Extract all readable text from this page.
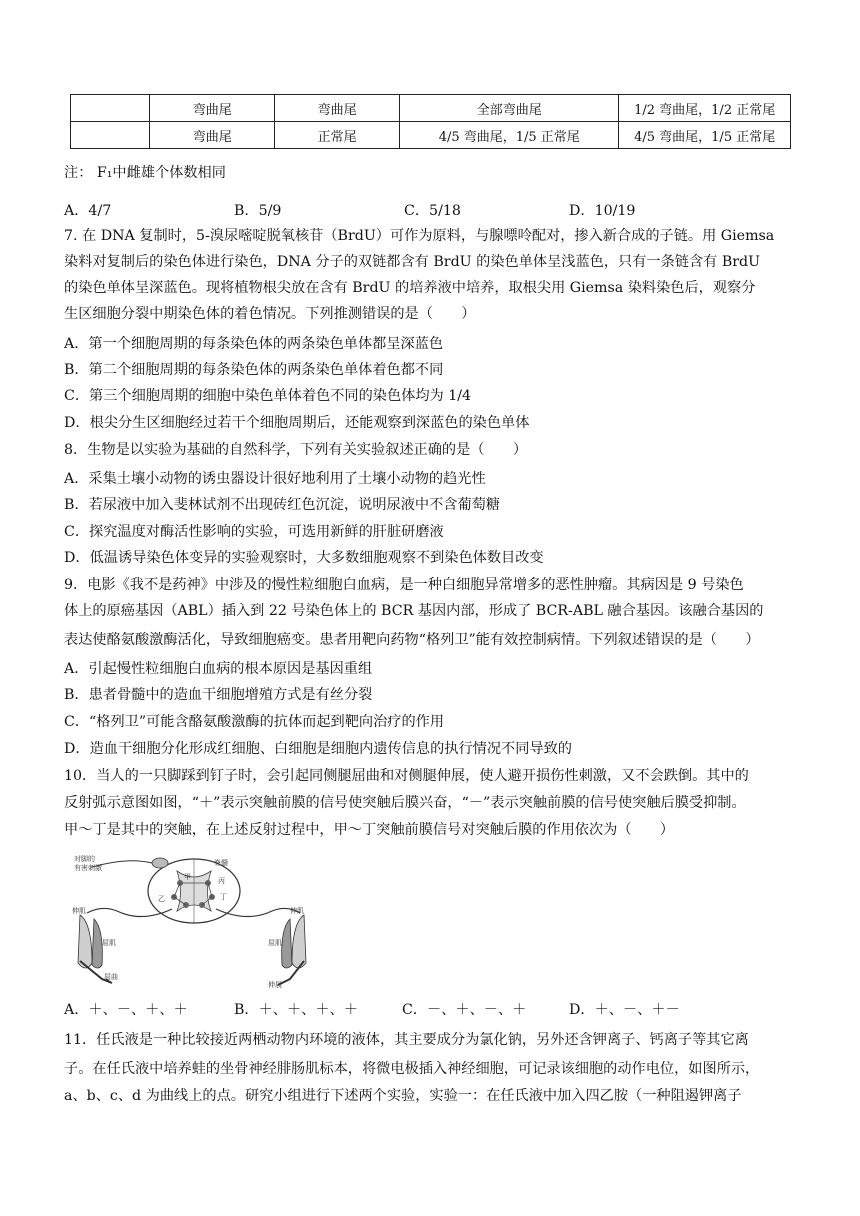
	弯曲尾	弯曲尾	全部弯曲尾	1/2 弯曲尾，1/2 正常尾
	弯曲尾	正常尾	4/5 弯曲尾，1/5 正常尾	4/5 弯曲尾，1/5 正常尾
注： F₁中雌雄个体数相同
A．4/7	B．5/9	C．5/18	D．10/19
7. 在 DNA 复制时，5-溴尿嘧啶脱氧核苷（BrdU）可作为原料，与腺嘌呤配对，掺入新合成的子链。用 Giemsa
染料对复制后的染色体进行染色，DNA 分子的双链都含有 BrdU 的染色单体呈浅蓝色，只有一条链含有 BrdU
的染色单体呈深蓝色。现将植物根尖放在含有 BrdU 的培养液中培养，取根尖用 Giemsa 染料染色后，观察分
生区细胞分裂中期染色体的着色情况。下列推测错误的是（　　）
A．第一个细胞周期的每条染色体的两条染色单体都呈深蓝色
B．第二个细胞周期的每条染色体的两条染色单体着色都不同
C．第三个细胞周期的细胞中染色单体着色不同的染色体均为 1/4
D．根尖分生区细胞经过若干个细胞周期后，还能观察到深蓝色的染色单体
8．生物是以实验为基础的自然科学，下列有关实验叙述正确的是（　　）
A．采集土壤小动物的诱虫器设计很好地利用了土壤小动物的趋光性
B．若尿液中加入斐林试剂不出现砖红色沉淀，说明尿液中不含葡萄糖
C．探究温度对酶活性影响的实验，可选用新鲜的肝脏研磨液
D．低温诱导染色体变异的实验观察时，大多数细胞观察不到染色体数目改变
9．电影《我不是药神》中涉及的慢性粒细胞白血病，是一种白细胞异常增多的恶性肿瘤。其病因是 9 号染色
体上的原癌基因（ABL）插入到 22 号染色体上的 BCR 基因内部，形成了 BCR-ABL 融合基因。该融合基因的
表达使酪氨酸激酶活化，导致细胞癌变。患者用靶向药物“格列卫”能有效控制病情。下列叙述错误的是（　　）
A．引起慢性粒细胞白血病的根本原因是基因重组
B．患者骨髓中的造血干细胞增殖方式是有丝分裂
C．“格列卫”可能含酪氨酸激酶的抗体而起到靶向治疗的作用
D．造血干细胞分化形成红细胞、白细胞是细胞内遗传信息的执行情况不同导致的
10．当人的一只脚踩到钉子时，会引起同侧腿屈曲和对侧腿伸展，使人避开损伤性刺激，又不会跌倒。其中的
反射弧示意图如图，“＋”表示突触前膜的信号使突触后膜兴奋，“－”表示突触前膜的信号使突触后膜受抑制。
甲～丁是其中的突触，在上述反射过程中，甲～丁突触前膜信号对突触后膜的作用依次为（　　）
对脚的
有害刺激
脊髓
伸肌
屈肌
屈曲
伸肌
屈肌
伸展
甲
乙
丙
丁
A．＋、－、＋、＋	B．＋、＋、＋、＋	C．－、＋、－、＋	D．＋、－、＋－
11．任氏液是一种比较接近两栖动物内环境的液体，其主要成分为氯化钠，另外还含钾离子、钙离子等其它离
子。在任氏液中培养蛙的坐骨神经腓肠肌标本，将微电极插入神经细胞，可记录该细胞的动作电位，如图所示，
a、b、c、d 为曲线上的点。研究小组进行下述两个实验，实验一：在任氏液中加入四乙胺（一种阻遏钾离子
